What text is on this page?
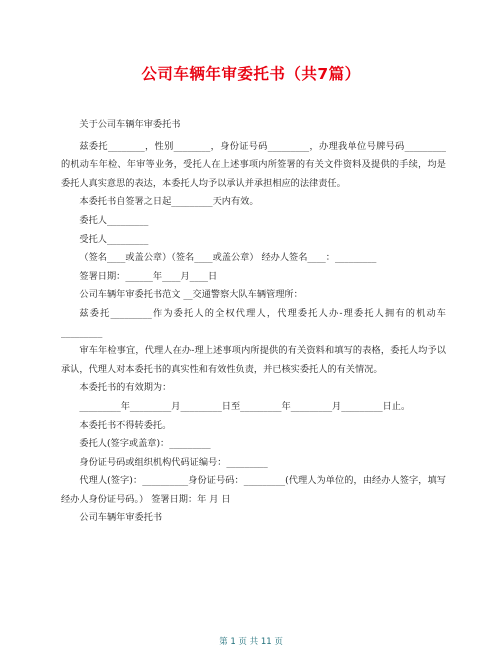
公司车辆年审委托书（共7篇）

关于公司车辆年审委托书

兹委托________，性别________，身份证号码_________，办理我单位号牌号码_________的机动车年检、年审等业务，受托人在上述事项内所签署的有关文件资料及提供的手续，均是委托人真实意思的表达，本委托人均予以承认并承担相应的法律责任。

本委托书自签署之日起_________天内有效。

委托人_________

受托人_________

（签名____或盖公章）（签名____或盖公章） 经办人签名____：_________

签署日期：______年____月____日

公司车辆年审委托书范文 __交通警察大队车辆管理所：

兹委托_________作为委托人的全权代理人，代理委托人办-理委托人拥有的机动车_________

审车年检事宜，代理人在办-理上述事项内所提供的有关资料和填写的表格，委托人均予以承认，代理人对本委托书的真实性和有效性负责，并已核实委托人的有关情况。

本委托书的有效期为：

_________年_________月_________日至_________年_________月_________日止。

本委托书不得转委托。

委托人(签字或盖章)：_________

身份证号码或组织机构代码证编号：_________

代理人(签字)：__________身份证号码：_________(代理人为单位的，由经办人签字，填写经办人身份证号码。） 签署日期：年 月 日

公司车辆年审委托书

第 1 页 共 11 页
